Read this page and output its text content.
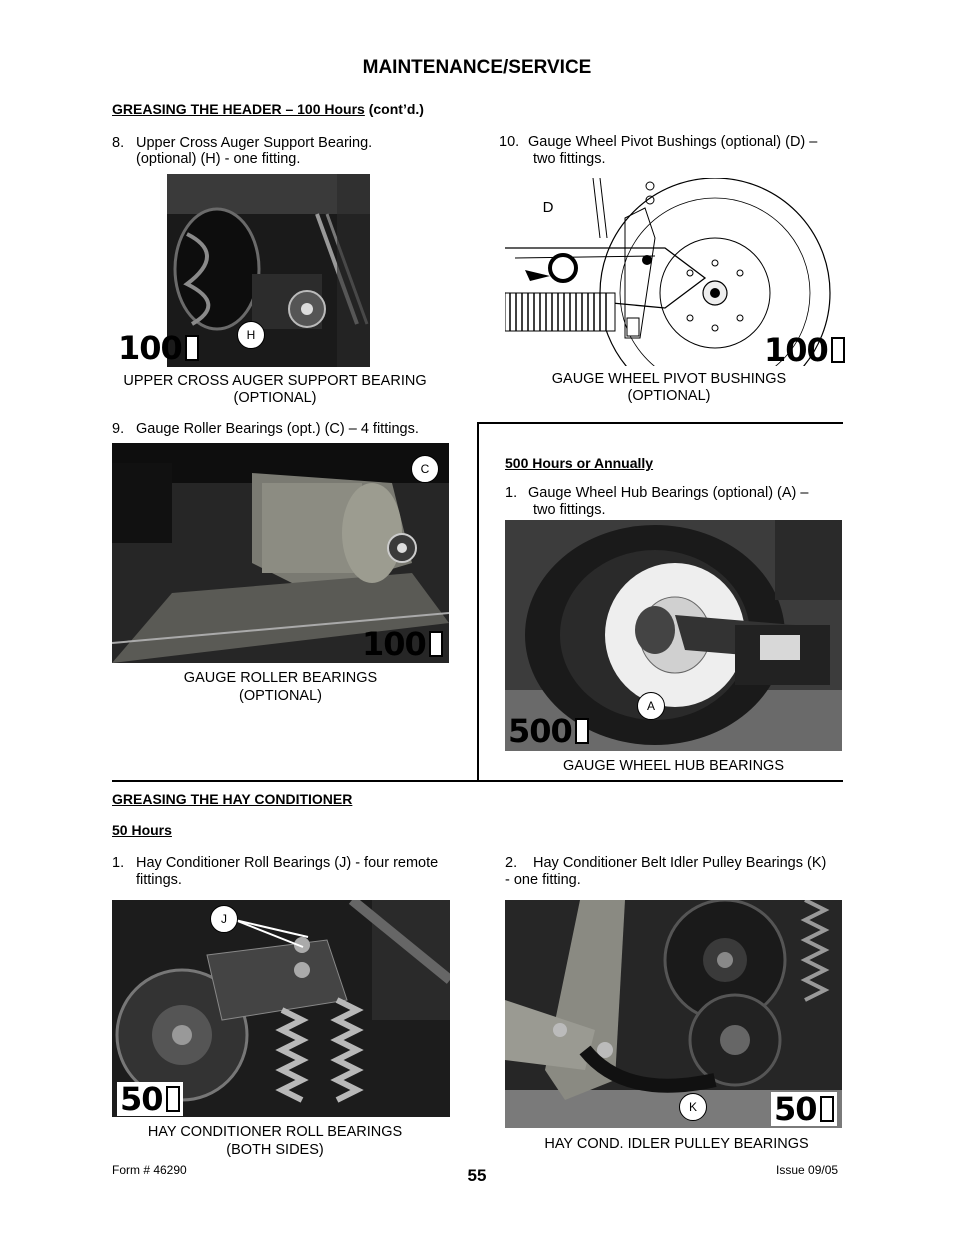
MAINTENANCE/SERVICE
GREASING THE HEADER – 100 Hours (cont’d.)
8. Upper Cross Auger Support Bearing.
(optional) (H) - one fitting.
H
100
UPPER CROSS AUGER SUPPORT BEARING
(OPTIONAL)
10. Gauge Wheel Pivot Bushings (optional) (D) –
two fittings.
D
100
GAUGE WHEEL PIVOT BUSHINGS
(OPTIONAL)
9. Gauge Roller Bearings (opt.) (C) – 4 fittings.
C
100
GAUGE ROLLER BEARINGS
(OPTIONAL)
500 Hours or Annually
1. Gauge Wheel Hub Bearings (optional) (A) –
two fittings.
A
500
GAUGE WHEEL HUB BEARINGS
GREASING THE HAY CONDITIONER
50 Hours
1. Hay Conditioner Roll Bearings (J) - four remote
fittings.
J
50
HAY CONDITIONER ROLL BEARINGS
(BOTH SIDES)
2. Hay Conditioner Belt Idler Pulley Bearings (K)
- one fitting.
K	50
HAY COND. IDLER PULLEY BEARINGS
Form # 46290	55	Issue 09/05
